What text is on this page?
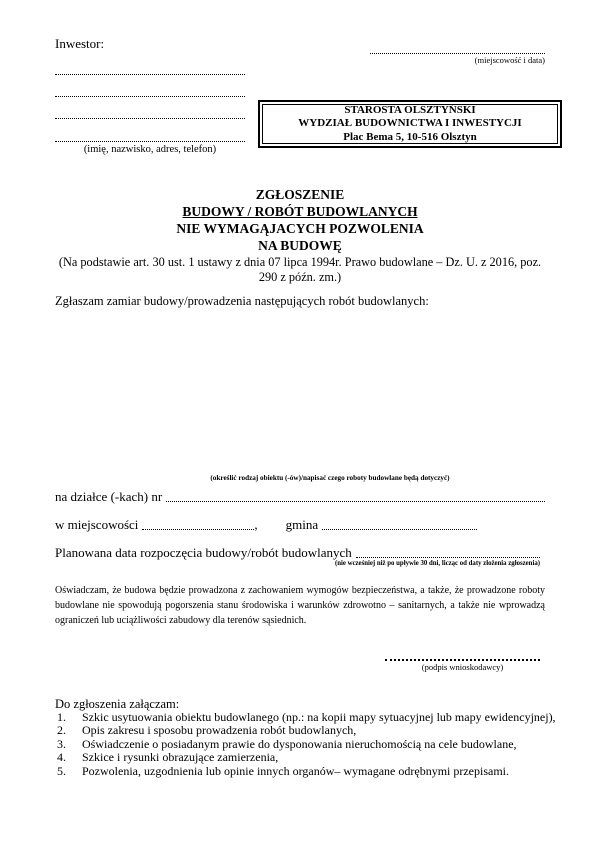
Inwestor:
(miejscowość i data)
(imię, nazwisko, adres, telefon)
STAROSTA OLSZTYŃSKI
WYDZIAŁ BUDOWNICTWA I INWESTYCJI
Plac Bema 5, 10-516 Olsztyn
ZGŁOSZENIE
BUDOWY / ROBÓT BUDOWLANYCH
NIE WYMAGĄJACYCH POZWOLENIA
NA BUDOWĘ
(Na podstawie art. 30 ust. 1 ustawy z dnia 07 lipca 1994r. Prawo budowlane – Dz. U. z 2016, poz.
290 z późn. zm.)
Zgłaszam zamiar budowy/prowadzenia następujących robót budowlanych:
(określić rodzaj obiektu (-ów)/napisać czego roboty budowlane będą dotyczyć)
na działce (-kach) nr
w miejscowości	, gmina
Planowana data rozpoczęcia budowy/robót budowlanych
(nie wcześniej niż po upływie 30 dni, licząc od daty złożenia zgłoszenia)
Oświadczam, że budowa będzie prowadzona z zachowaniem wymogów bezpieczeństwa, a także, że prowadzone roboty budowlane nie spowodują pogorszenia stanu środowiska i warunków zdrowotno – sanitarnych, a także nie wprowadzą ograniczeń lub uciążliwości zabudowy dla terenów sąsiednich.
(podpis wnioskodawcy)
Do zgłoszenia załączam:
1.	Szkic usytuowania obiektu budowlanego (np.: na kopii mapy sytuacyjnej lub mapy ewidencyjnej),
2.	Opis zakresu i sposobu prowadzenia robót budowlanych,
3.	Oświadczenie o posiadanym prawie do dysponowania nieruchomością na cele budowlane,
4.	Szkice i rysunki obrazujące zamierzenia,
5.	Pozwolenia, uzgodnienia lub opinie innych organów– wymagane odrębnymi przepisami.
